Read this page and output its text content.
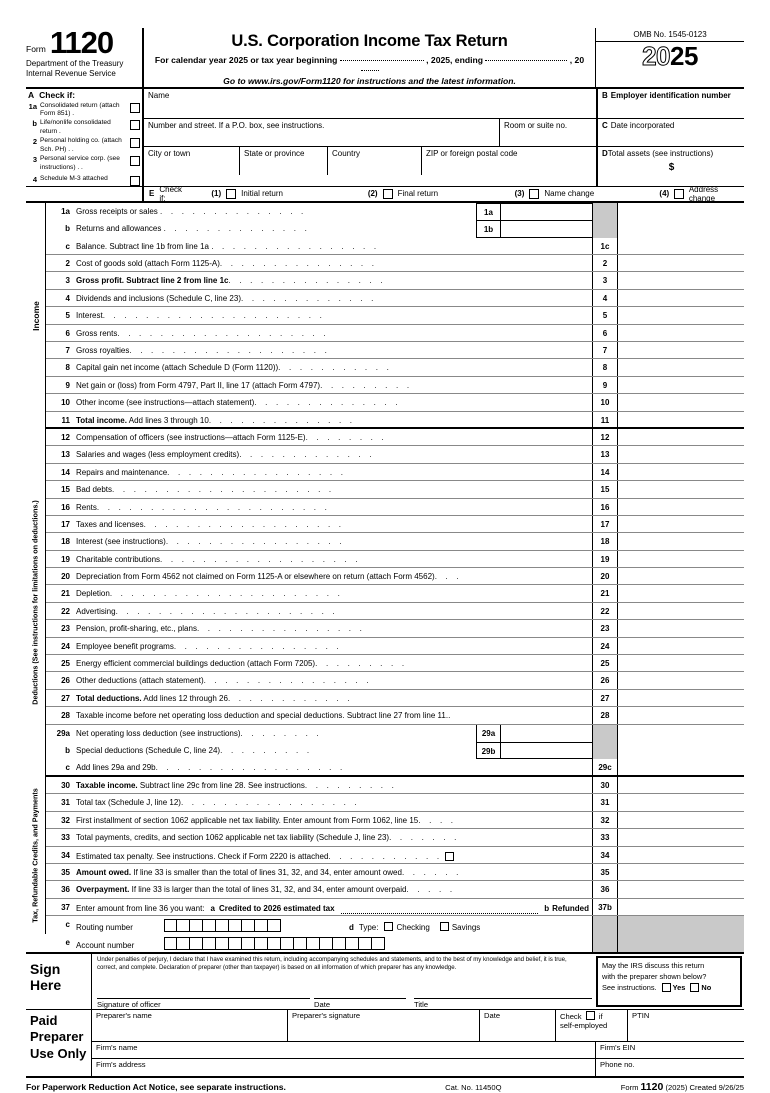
Form 1120
Department of the Treasury
Internal Revenue Service
U.S. Corporation Income Tax Return
For calendar year 2025 or tax year beginning	, 2025, ending	, 20
Go to www.irs.gov/Form1120 for instructions and the latest information.
OMB No. 1545-0123
2025
A Check if:
1a Consolidated return (attach Form 851) .
b Life/nonlife consolidated return .
2 Personal holding co. (attach Sch. PH) . .
3 Personal service corp. (see instructions) . .
4 Schedule M-3 attached
Name
Number and street. If a P.O. box, see instructions.	Room or suite no.
City or town	State or province	Country	ZIP or foreign postal code
B Employer identification number
C Date incorporated
DTotal assets (see instructions)
$
E Check if:	(1)	Initial return	(2)	Final return	(3)	Name change	(4) Address change
Income
1a Gross receipts or sales . . . . . . . . . . . . . .	1a
b Returns and allowances . . . . . . . . . . . . . .	1b
c Balance. Subtract line 1b from line 1a . . . . . . . . . . . . . . . .	1c
2 Cost of goods sold (attach Form 1125-A). . . . . . . . . . . . . . .	2
3 Gross profit. Subtract line 2 from line 1c. . . . . . . . . . . . . . .	3
4 Dividends and inclusions (Schedule C, line 23). . . . . . . . . . . . .	4
5 Interest. . . . . . . . . . . . . . . . . . . . .	5
6 Gross rents. . . . . . . . . . . . . . . . . . . .	6
7 Gross royalties. . . . . . . . . . . . . . . . . . .	7
8 Capital gain net income (attach Schedule D (Form 1120)). . . . . . . . . . .	8
9 Net gain or (loss) from Form 4797, Part II, line 17 (attach Form 4797). . . . . . . . .	9
10 Other income (see instructions—attach statement). . . . . . . . . . . . . .	10
11 Total income. Add lines 3 through 10. . . . . . . . . . . . . .	11
Deductions (See instructions for limitations on deductions.)
12 Compensation of officers (see instructions—attach Form 1125-E). . . . . . . .	12
13 Salaries and wages (less employment credits). . . . . . . . . . . . .	13
14 Repairs and maintenance. . . . . . . . . . . . . . . . .	14
15 Bad debts. . . . . . . . . . . . . . . . . . . . .	15
16 Rents. . . . . . . . . . . . . . . . . . . . . .	16
17 Taxes and licenses. . . . . . . . . . . . . . . . . . .	17
18 Interest (see instructions). . . . . . . . . . . . . . . . .	18
19 Charitable contributions. . . . . . . . . . . . . . . . . . .	19
20 Depreciation from Form 4562 not claimed on Form 1125-A or elsewhere on return (attach Form 4562). . .	20
21 Depletion. . . . . . . . . . . . . . . . . . . . . .	21
22 Advertising. . . . . . . . . . . . . . . . . . . . .	22
23 Pension, profit-sharing, etc., plans. . . . . . . . . . . . . . . .	23
24 Employee benefit programs. . . . . . . . . . . . . . . .	24
25 Energy efficient commercial buildings deduction (attach Form 7205). . . . . . . . .	25
26 Other deductions (attach statement). . . . . . . . . . . . . . . .	26
27 Total deductions. Add lines 12 through 26. . . . . . . . . . . .	27
28 Taxable income before net operating loss deduction and special deductions. Subtract line 27 from line 11..	28
29a Net operating loss deduction (see instructions). . . . . . . .	29a
b Special deductions (Schedule C, line 24). . . . . . . . .	29b
c Add lines 29a and 29b. . . . . . . . . . . . . . . . . .	29c
Tax, Refundable Credits, and Payments
30 Taxable income. Subtract line 29c from line 28. See instructions. . . . . . . . .	30
31 Total tax (Schedule J, line 12). . . . . . . . . . . . . . . . .	31
32 First installment of section 1062 applicable net tax liability. Enter amount from Form 1062, line 15. . . .	32
33 Total payments, credits, and section 1062 applicable net tax liability (Schedule J, line 23). . . . . . .	33
34 Estimated tax penalty. See instructions. Check if Form 2220 is attached . . . . . . . . . . .	34
35 Amount owed. If line 33 is smaller than the total of lines 31, 32, and 34, enter amount owed. . . . . .	35
36 Overpayment. If line 33 is larger than the total of lines 31, 32, and 34, enter amount overpaid. . . . .	36
37 Enter amount from line 36 you want: a Credited to 2026 estimated tax	b Refunded	37b
c Routing number	d Type: Checking	Savings
e Account number
Sign
Here
Under penalties of perjury, I declare that I have examined this return, including accompanying schedules and statements, and to the best of my knowledge and belief, it is true, correct, and complete. Declaration of preparer (other than taxpayer) is based on all information of which preparer has any knowledge.
Signature of officer	Date	Title
May the IRS discuss this return
with the preparer shown below?
See instructions. Yes No
Paid
Preparer
Use Only
Preparer's name	Preparer's signature	Date	Check if
self-employed
PTIN
Firm's name	Firm's EIN
Firm's address	Phone no.
For Paperwork Reduction Act Notice, see separate instructions.	Cat. No. 11450Q	Form 1120 (2025) Created 9/26/25
